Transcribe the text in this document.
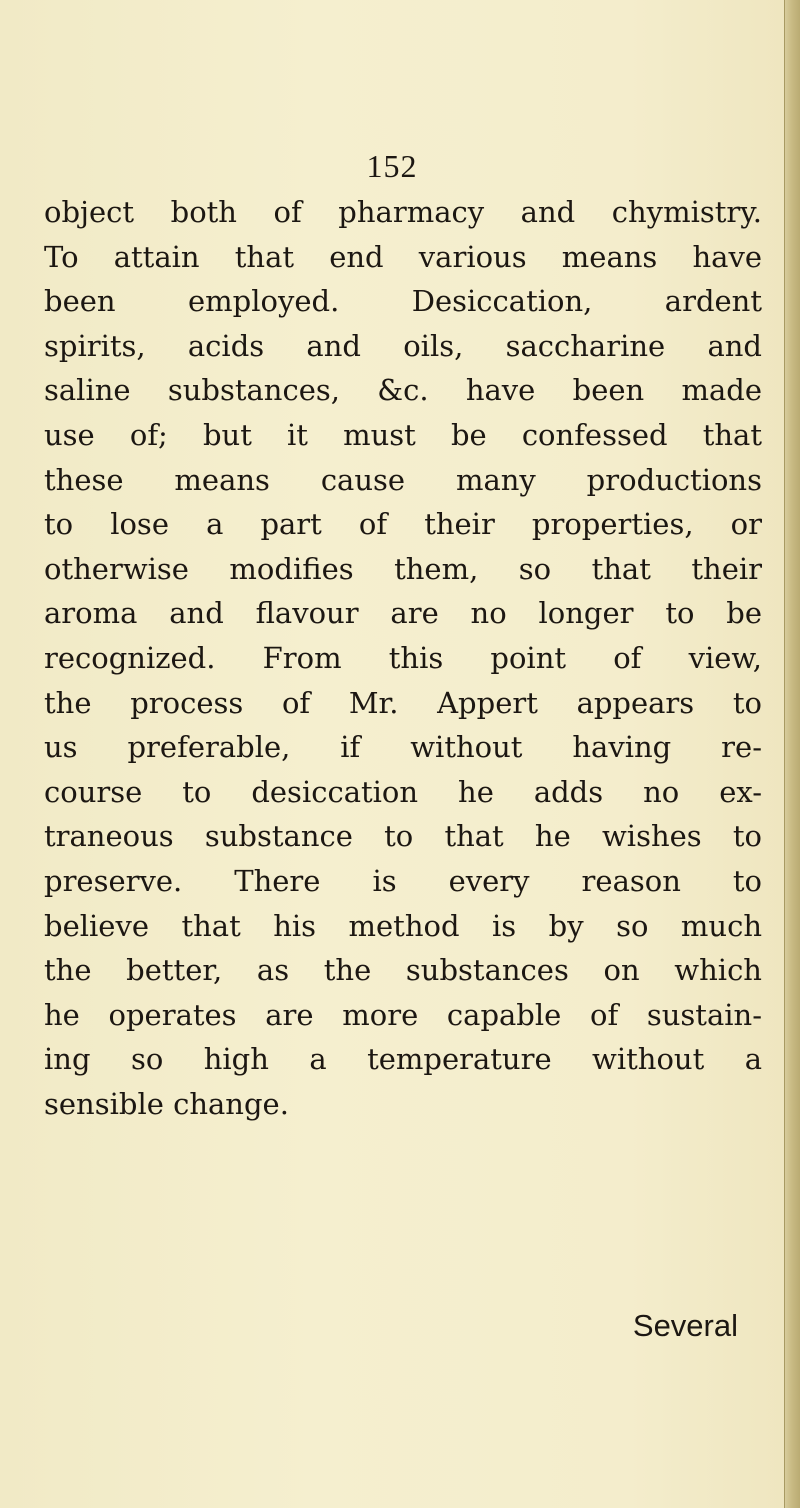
152
object both of pharmacy and chymistry.
To attain that end various means have
been employed. Desiccation, ardent
spirits, acids and oils, saccharine and
saline substances, &c. have been made
use of; but it must be confessed that
these means cause many productions
to lose a part of their properties, or
otherwise modifies them, so that their
aroma and flavour are no longer to be
recognized. From this point of view,
the process of Mr. Appert appears to
us preferable, if without having re-
course to desiccation he adds no ex-
traneous substance to that he wishes to
preserve. There is every reason to
believe that his method is by so much
the better, as the substances on which
he operates are more capable of sustain-
ing so high a temperature without a
sensible change.
Several
